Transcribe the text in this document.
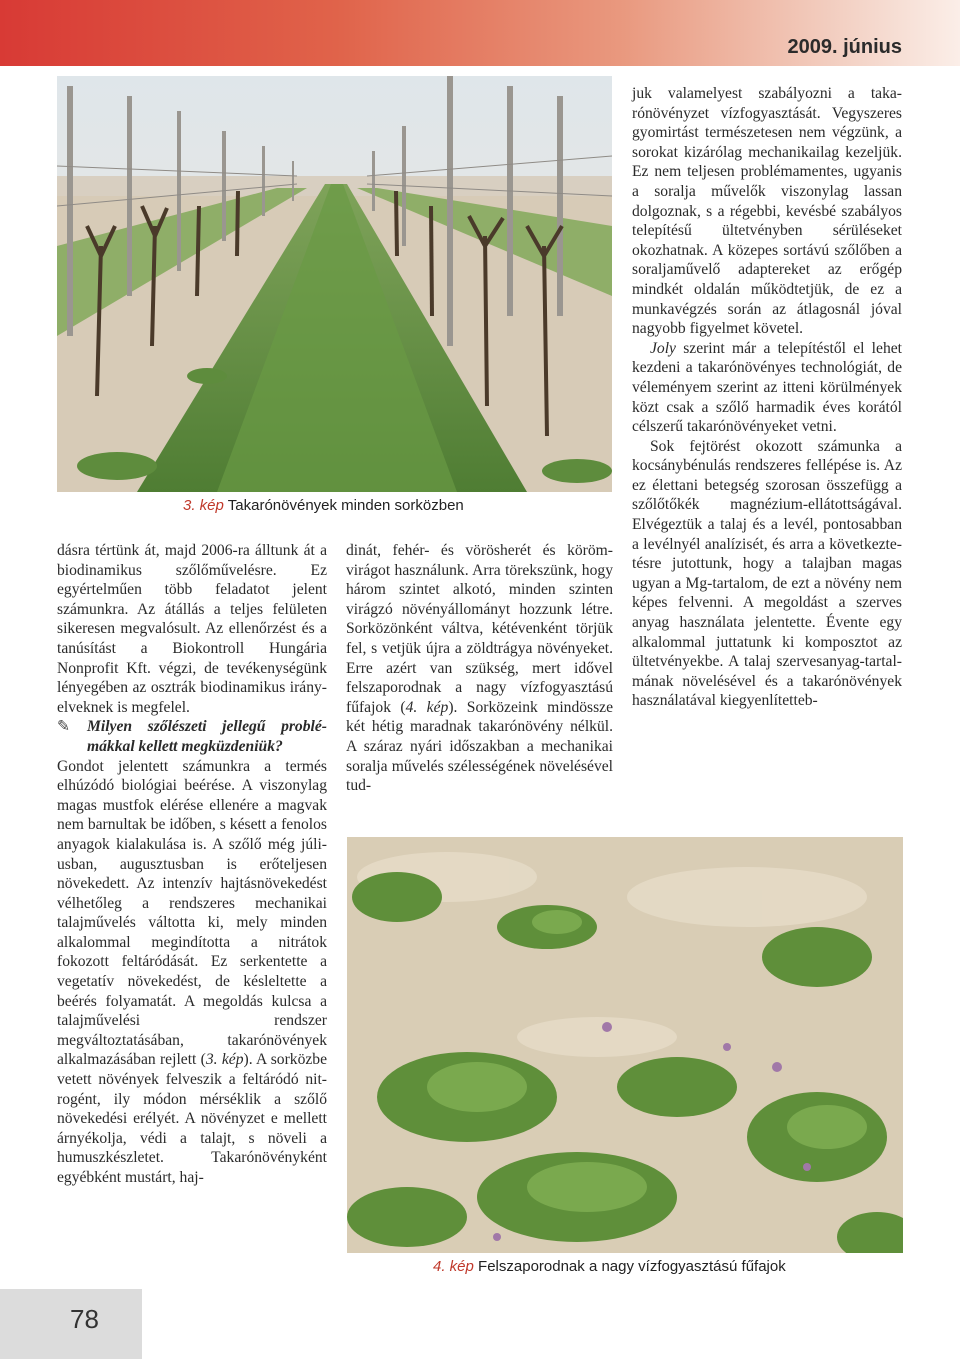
2009. június
3. kép Takarónövények minden sorközben

dásra tértünk át, majd 2006-ra álltunk át a biodinamikus szőlőművelésre. Ez egyértelműen több feladatot jelent számunkra. Az átállás a teljes felületen sikeresen megvalósult. Az ellenőrzést és a tanúsítást a Biokontroll Hungária Nonprofit Kft. végzi, de tevékenységünk lényegében az osztrák biodinamikus irányelveknek is megfelel.

✎ Milyen szőlészeti jellegű problémákkal kellett megküzdeniük?

Gondot jelentett számunkra a termés elhúzódó biológiai beérése. A viszonylag magas mustfok elérése ellenére a magvak nem barnultak be időben, s késett a fenolos anyagok kialakulása is. A szőlő még júliusban, augusztusban is erőteljesen növekedett. Az intenzív hajtásnövekedést vélhetőleg a rendszeres mechanikai talajművelés váltotta ki, mely minden alkalommal megindította a nitrátok fokozott feltáródását. Ez serkentette a vegetatív növekedést, de késleltette a beérés folyamatát. A megoldás kulcsa a talajművelési rendszer megváltoztatásában, takarónövények alkalmazásában rejlett (3. kép). A sorközbe vetett növények felveszik a feltáródó nitrogént, ily módon mérséklik a szőlő növekedési erélyét. A növényzet e mellett árnyékolja, védi a talajt, s növeli a humuszkészletet. Takarónövényként egyébként mustárt, haj-

dinát, fehér- és vörösherét és körömvirágot használunk. Arra törekszünk, hogy három szintet alkotó, minden szinten virágzó növényállományt hozzunk létre. Sorközönként váltva, kétévenként törjük fel, s vetjük újra a zöldtrágya növényeket. Erre azért van szükség, mert idővel felszaporodnak a nagy vízfogyasztású fűfajok (4. kép). Sorközeink mindössze két hétig maradnak takarónövény nélkül. A száraz nyári időszakban a mechanikai soralja művelés szélességének növelésével tud-

juk valamelyest szabályozni a takarónövényzet vízfogyasztását. Vegyszeres gyomirtást természetesen nem végzünk, a sorokat kizárólag mechanikailag kezeljük. Ez nem teljesen problémamentes, ugyanis a soralja művelők viszonylag lassan dolgoznak, s a régebbi, kevésbé szabályos telepítésű ültetvényben sérüléseket okozhatnak. A közepes sortávú szőlőben a soraljaművelő adaptereket az erőgép mindkét oldalán működtetjük, de ez a munkavégzés során az átlagosnál jóval nagyobb figyelmet követel.

Joly szerint már a telepítéstől el lehet kezdeni a takarónövényes technológiát, de véleményem szerint az itteni körülmények közt csak a szőlő harmadik éves korától célszerű takarónövényeket vetni.

Sok fejtörést okozott számunka a kocsánybénulás rendszeres fellépése is. Az ez élettani betegség szorosan összefügg a szőlőtőkék magnézium-ellátottságával. Elvégeztük a talaj és a levél, pontosabban a levélnyél analízisét, és arra a következtetésre jutottunk, hogy a talajban magas ugyan a Mg-tartalom, de ezt a növény nem képes felvenni. A megoldást a szerves anyag használata jelentette. Évente egy alkalommal juttatunk ki komposztot az ültetvényekbe. A talaj szervesanyag-tartalmának növelésével és a takarónövények használatával kiegyenlítetteb-

4. kép Felszaporodnak a nagy vízfogyasztású fűfajok
78
